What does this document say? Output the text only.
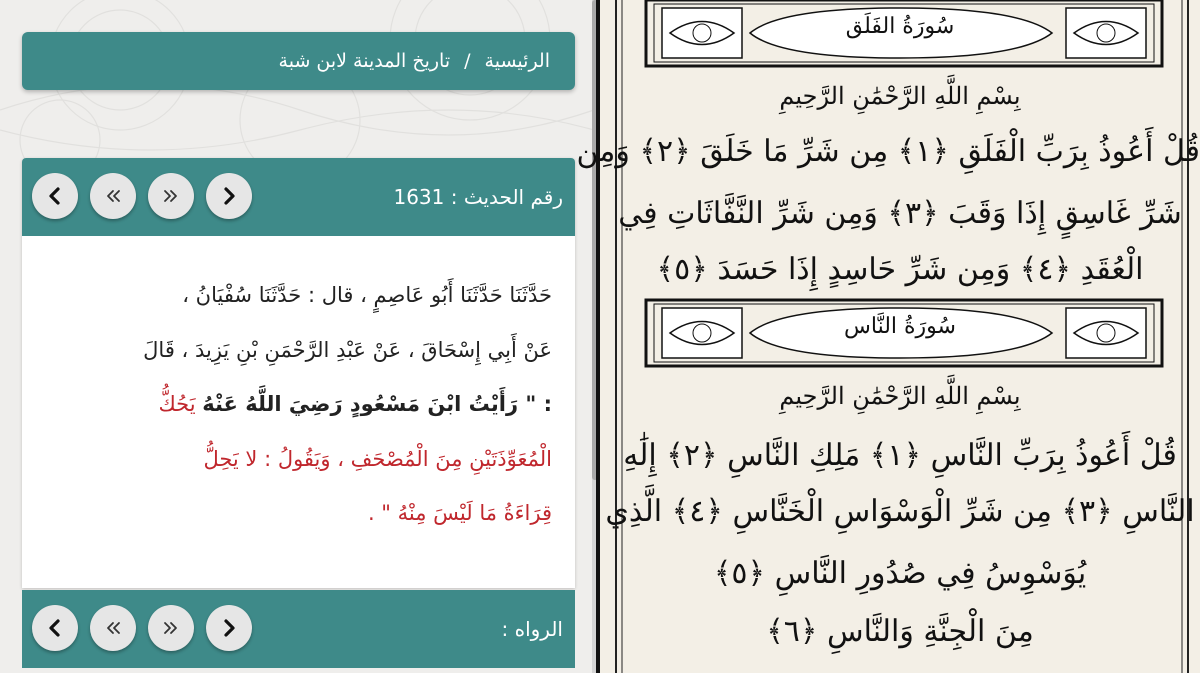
الرئيسية
/
تاريخ المدينة لابن شبة
رقم الحديث : 1631
حَدَّثَنَا حَدَّثَنَا أَبُو عَاصِمٍ ، قال : حَدَّثَنَا سُفْيَانُ ،
عَنْ أَبِي إِسْحَاقَ ، عَنْ عَبْدِ الرَّحْمَنِ بْنِ يَزِيدَ ، قَالَ
: " رَأَيْتُ ابْنَ مَسْعُودٍ رَضِيَ اللَّهُ عَنْهُ يَحُكُّ
الْمُعَوِّذَتَيْنِ مِنَ الْمُصْحَفِ ، وَيَقُولُ : لا يَحِلُّ
قِرَاءَةُ مَا لَيْسَ مِنْهُ " .
الرواه :
سُورَةُ الفَلَق
بِسْمِ اللَّهِ الرَّحْمَٰنِ الرَّحِيمِ
قُلْ أَعُوذُ بِرَبِّ الْفَلَقِ ﴿١﴾ مِن شَرِّ مَا خَلَقَ ﴿٢﴾ وَمِن
شَرِّ غَاسِقٍ إِذَا وَقَبَ ﴿٣﴾ وَمِن شَرِّ النَّفَّاثَاتِ فِي
الْعُقَدِ ﴿٤﴾ وَمِن شَرِّ حَاسِدٍ إِذَا حَسَدَ ﴿٥﴾
سُورَةُ النَّاس
بِسْمِ اللَّهِ الرَّحْمَٰنِ الرَّحِيمِ
قُلْ أَعُوذُ بِرَبِّ النَّاسِ ﴿١﴾ مَلِكِ النَّاسِ ﴿٢﴾ إِلَٰهِ
النَّاسِ ﴿٣﴾ مِن شَرِّ الْوَسْوَاسِ الْخَنَّاسِ ﴿٤﴾ الَّذِي
يُوَسْوِسُ فِي صُدُورِ النَّاسِ ﴿٥﴾
مِنَ الْجِنَّةِ وَالنَّاسِ ﴿٦﴾
